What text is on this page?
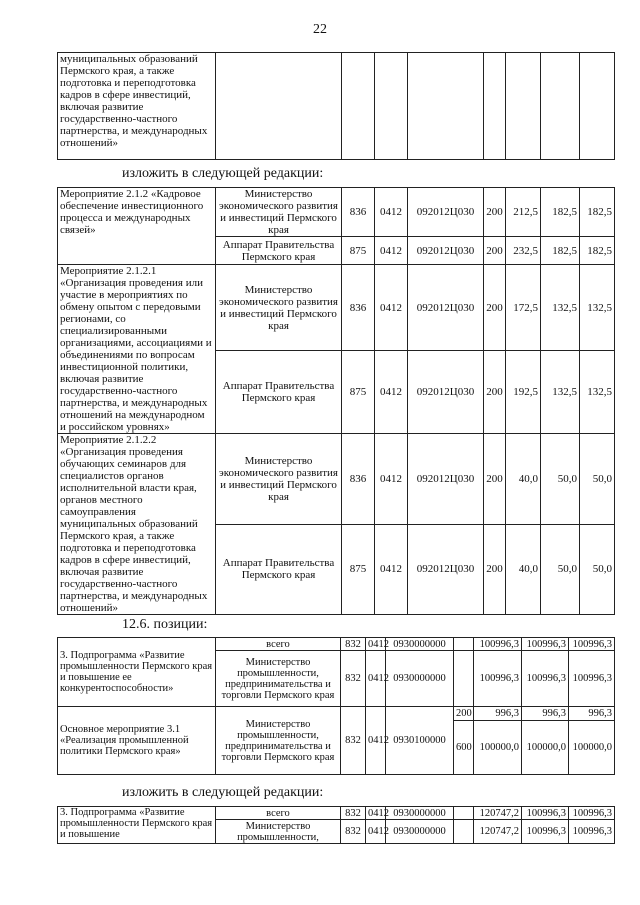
22
муниципальных образований Пермского края, а также подготовка и переподготовка кадров в сфере инвестиций, включая развитие государственно-частного партнерства, и международных отношений»								
изложить в следующей редакции:
Мероприятие 2.1.2 «Кадровое обеспечение инвестиционного процесса и международных связей»	Министерство экономического развития и инвестиций Пермского края	836	0412	092012Ц030	200	212,5	182,5	182,5
	Аппарат Правительства Пермского края	875	0412	092012Ц030	200	232,5	182,5	182,5
Мероприятие 2.1.2.1 «Организация проведения или участие в мероприятиях по обмену опытом с передовыми регионами, со специализированными организациями, ассоциациями и объединениями по вопросам инвестиционной политики, включая развитие государственно-частного партнерства, и международных отношений на международном и российском уровнях»	Министерство экономического развития и инвестиций Пермского края	836	0412	092012Ц030	200	172,5	132,5	132,5
	Аппарат Правительства Пермского края	875	0412	092012Ц030	200	192,5	132,5	132,5
Мероприятие 2.1.2.2 «Организация проведения обучающих семинаров для специалистов органов исполнительной власти края, органов местного самоуправления муниципальных образований Пермского края, а также подготовка и переподготовка кадров в сфере инвестиций, включая развитие государственно-частного партнерства, и международных отношений»	Министерство экономического развития и инвестиций Пермского края	836	0412	092012Ц030	200	40,0	50,0	50,0
	Аппарат Правительства Пермского края	875	0412	092012Ц030	200	40,0	50,0	50,0
12.6. позиции:
3. Подпрограмма «Развитие промышленности Пермского края и повышение ее конкурентоспособности»	всего	832	0412	0930000000		100996,3	100996,3	100996,3
	Министерство промышленности, предпринимательства и торговли Пермского края	832	0412	0930000000		100996,3	100996,3	100996,3
Основное мероприятие 3.1 «Реализация промышленной политики Пермского края»	Министерство промышленности, предпринимательства и торговли Пермского края	832	0412	0930100000	200	996,3	996,3	996,3
					600	100000,0	100000,0	100000,0
изложить в следующей редакции:
3. Подпрограмма «Развитие промышленности Пермского края и повышение	всего	832	0412	0930000000		120747,2	100996,3	100996,3
	Министерство промышленности,	832	0412	0930000000		120747,2	100996,3	100996,3
